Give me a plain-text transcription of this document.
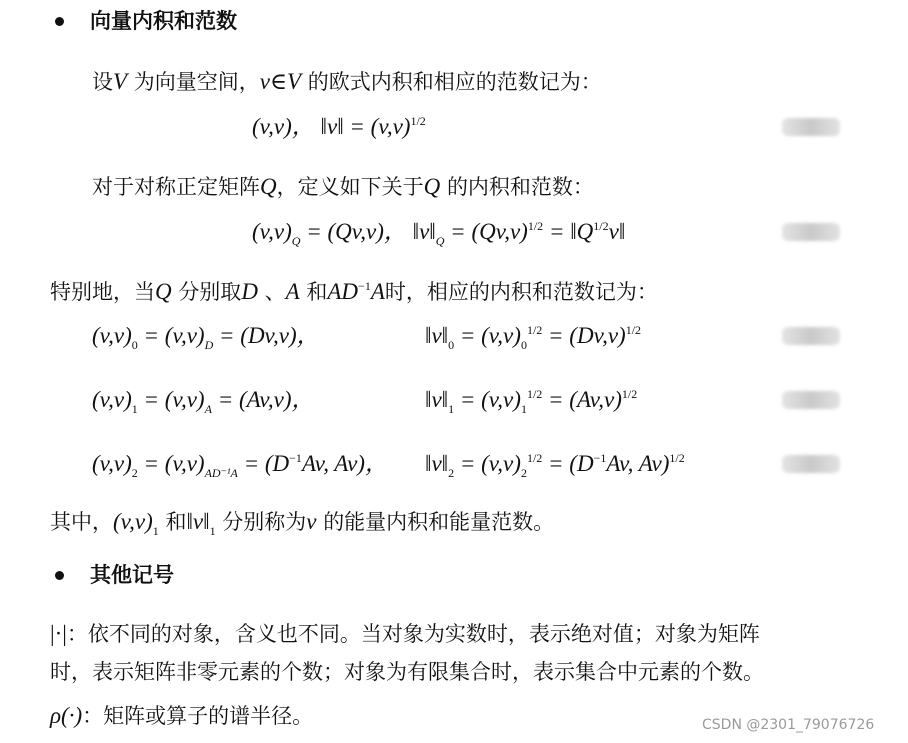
向量内积和范数
设V 为向量空间，v∈V 的欧式内积和相应的范数记为：
(v,v)， ‖v‖ = $(v,v)^{1/2}$
对于对称正定矩阵Q，定义如下关于Q 的内积和范数：
$(v,v)_Q = (Qv,v)$， $‖v‖_Q = (Qv,v)^{1/2}$ = $‖Q^{1/2}v‖$
特别地，当Q 分别取D 、A 和$AD^{-1}A$时，相应的内积和范数记为：
$(v,v)_0 = (v,v)_D = (Dv,v)$，	$‖v‖_0 = (v,v)_0^{1/2} = (Dv,v)^{1/2}$
$(v,v)_1 = (v,v)_A = (Av,v)$，	$‖v‖_1 = (v,v)_1^{1/2} = (Av,v)^{1/2}$
$(v,v)_2 = (v,v)_{AD^{-1}A} = (D^{-1}Av$, Av)， $‖v‖_2 = (v,v)_2^{1/2} = (D^{-1}Av$, Av)$^{1/2}$
其中，$(v,v)_1$ 和$‖v‖_1$ 分别称为v 的能量内积和能量范数。
其他记号
|·|：依不同的对象，含义也不同。当对象为实数时，表示绝对值；对象为矩阵
时，表示矩阵非零元素的个数；对象为有限集合时，表示集合中元素的个数。
ρ(·)：矩阵或算子的谱半径。	CSDN @2301_79076726
